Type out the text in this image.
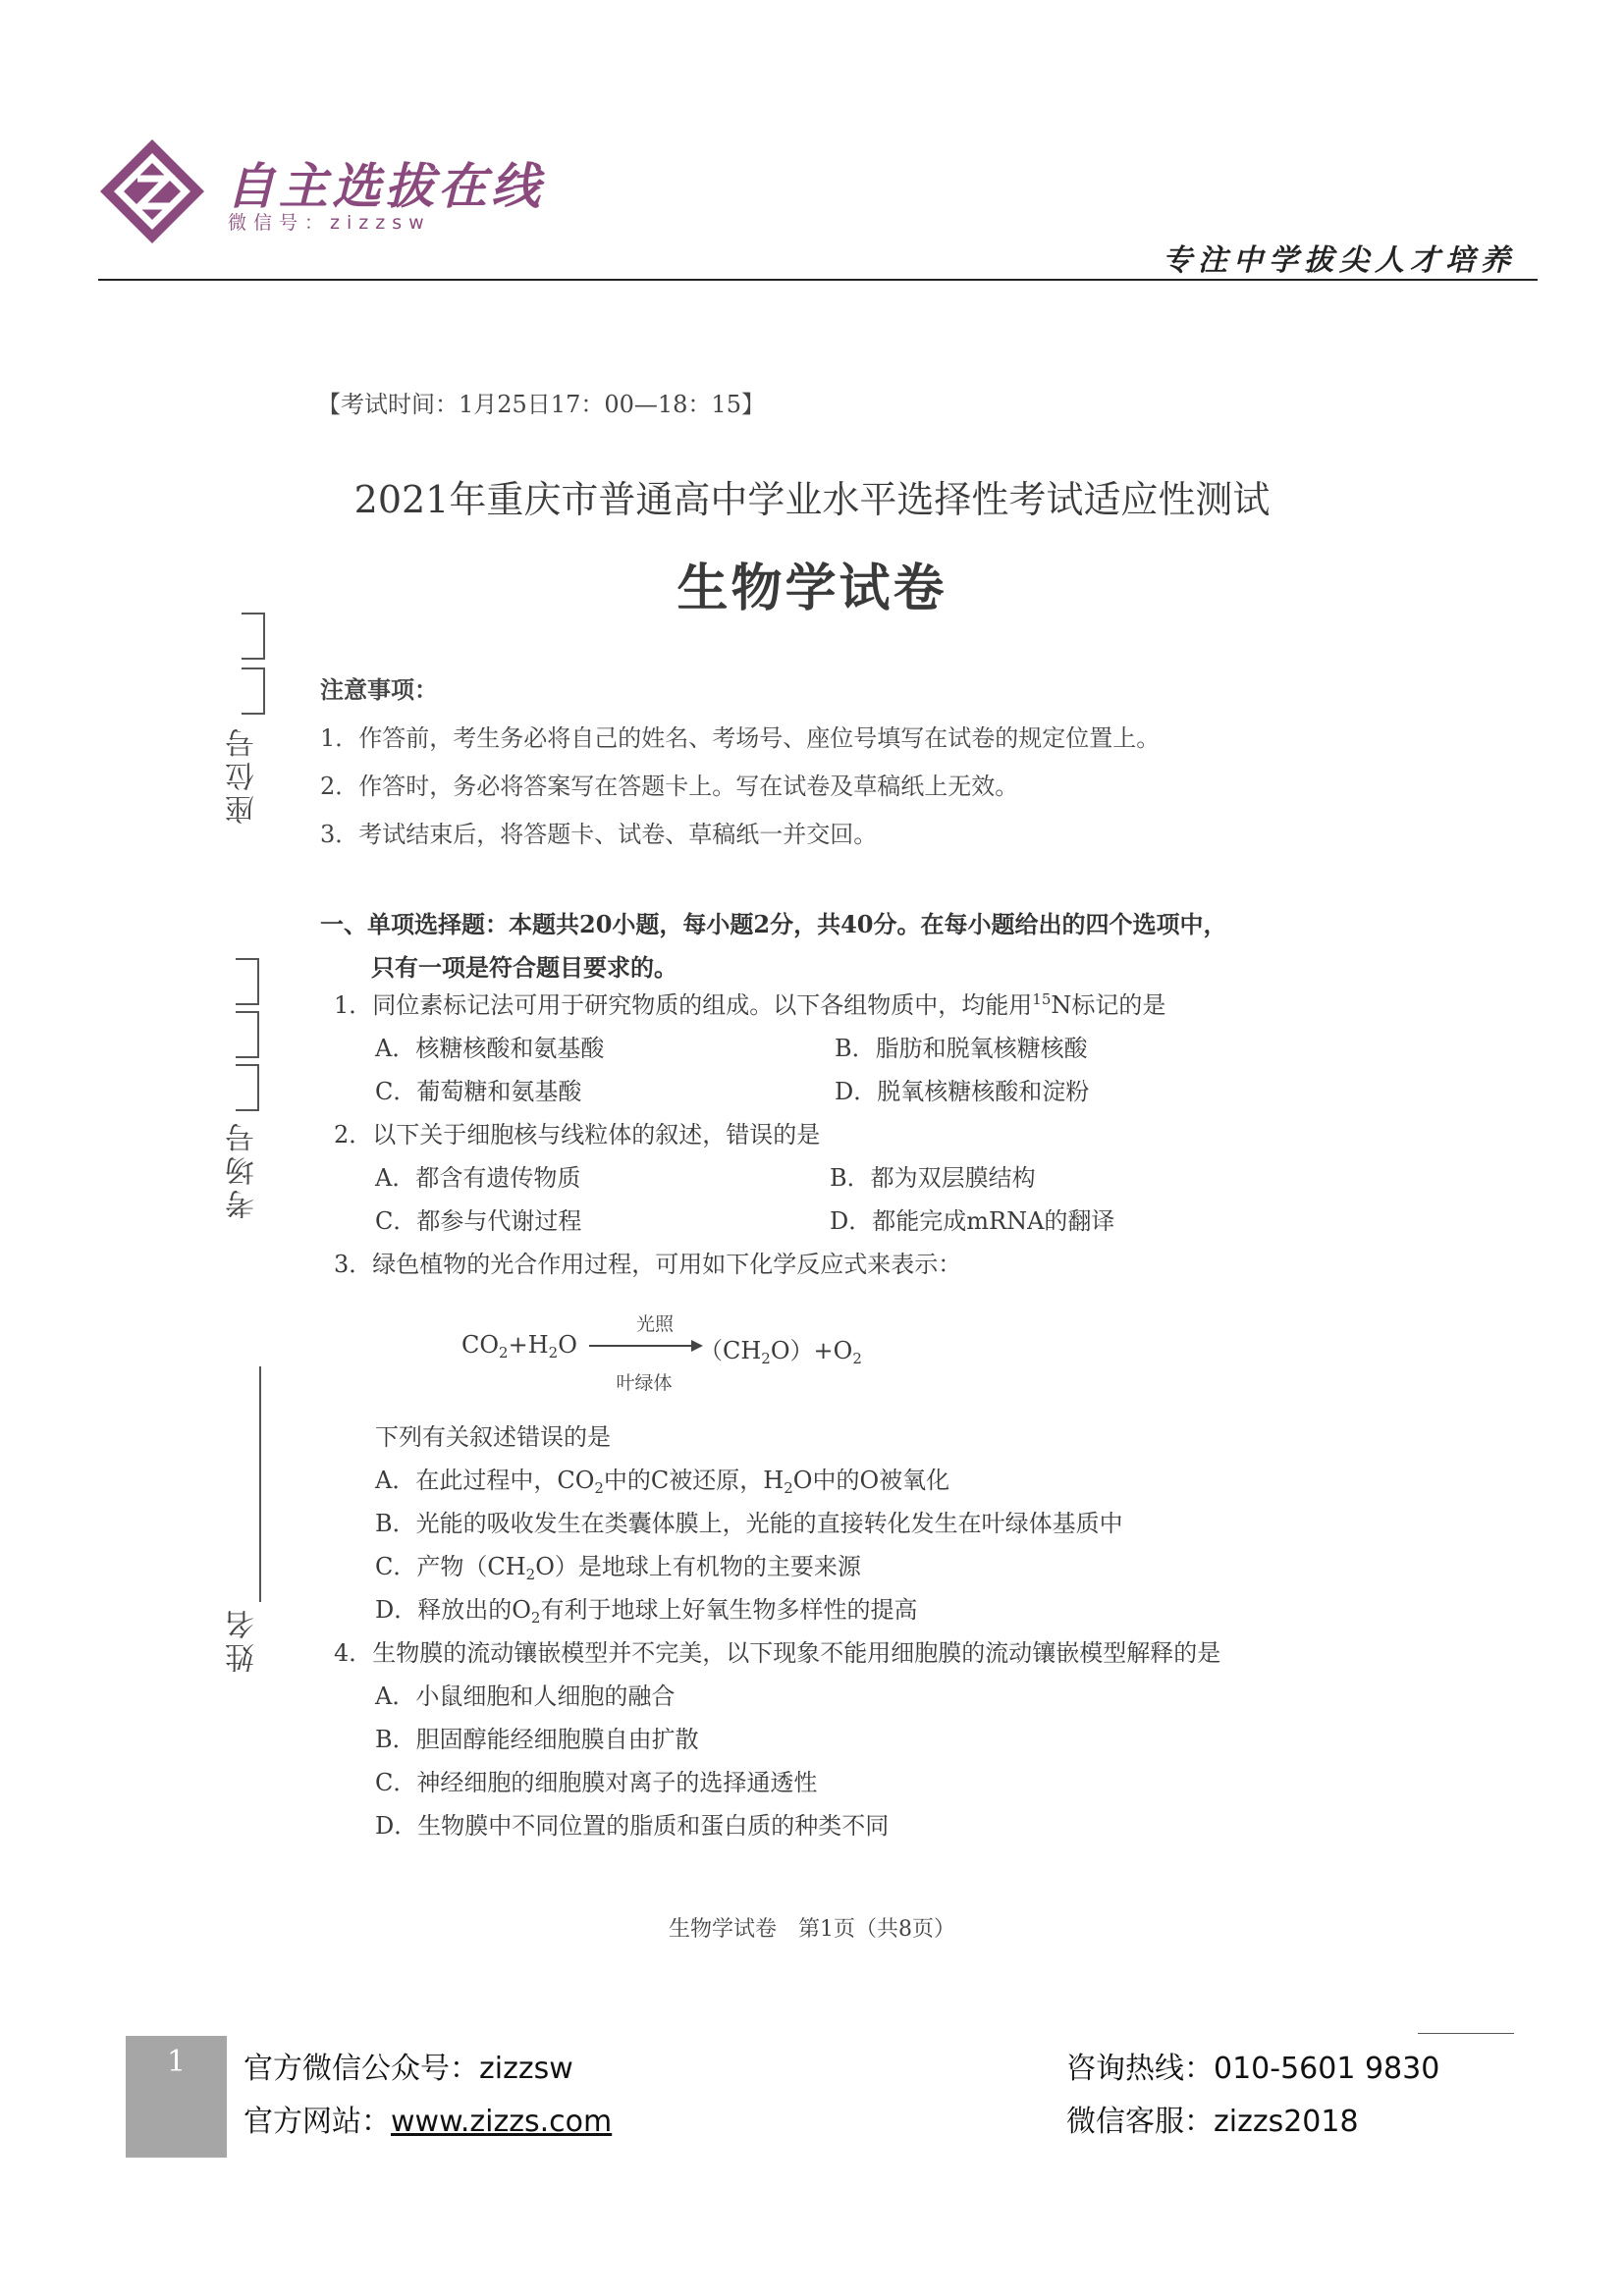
自主选拔在线
微信号：zizzsw
专注中学拔尖人才培养
座位号
考场号
姓名
【考试时间：1月25日17：00—18：15】
2021年重庆市普通高中学业水平选择性考试适应性测试
生物学试卷
注意事项：
1．作答前，考生务必将自己的姓名、考场号、座位号填写在试卷的规定位置上。
2．作答时，务必将答案写在答题卡上。写在试卷及草稿纸上无效。
3．考试结束后，将答题卡、试卷、草稿纸一并交回。
一、单项选择题：本题共20小题，每小题2分，共40分。在每小题给出的四个选项中，
只有一项是符合题目要求的。
1．同位素标记法可用于研究物质的组成。以下各组物质中，均能用$^{15}$N标记的是
A．核糖核酸和氨基酸	B．脂肪和脱氧核糖核酸
C．葡萄糖和氨基酸	D．脱氧核糖核酸和淀粉
2．以下关于细胞核与线粒体的叙述，错误的是
A．都含有遗传物质	B．都为双层膜结构
C．都参与代谢过程	D．都能完成mRNA的翻译
3．绿色植物的光合作用过程，可用如下化学反应式来表示：
$CO_2+H_2O$
光照
叶绿体
$(CH_2O)+O_2$
下列有关叙述错误的是
A．在此过程中，$CO_2$中的C被还原，$H_2O$中的O被氧化
B．光能的吸收发生在类囊体膜上，光能的直接转化发生在叶绿体基质中
C．产物$(CH_2O)$是地球上有机物的主要来源
D．释放出的$O_2$有利于地球上好氧生物多样性的提高
4．生物膜的流动镶嵌模型并不完美，以下现象不能用细胞膜的流动镶嵌模型解释的是
A．小鼠细胞和人细胞的融合
B．胆固醇能经细胞膜自由扩散
C．神经细胞的细胞膜对离子的选择通透性
D．生物膜中不同位置的脂质和蛋白质的种类不同
生物学试卷　第1页（共8页）
1	官方微信公众号：zizzsw
官方网站：www.zizzs.com
咨询热线：010-5601 9830
微信客服：zizzs2018
